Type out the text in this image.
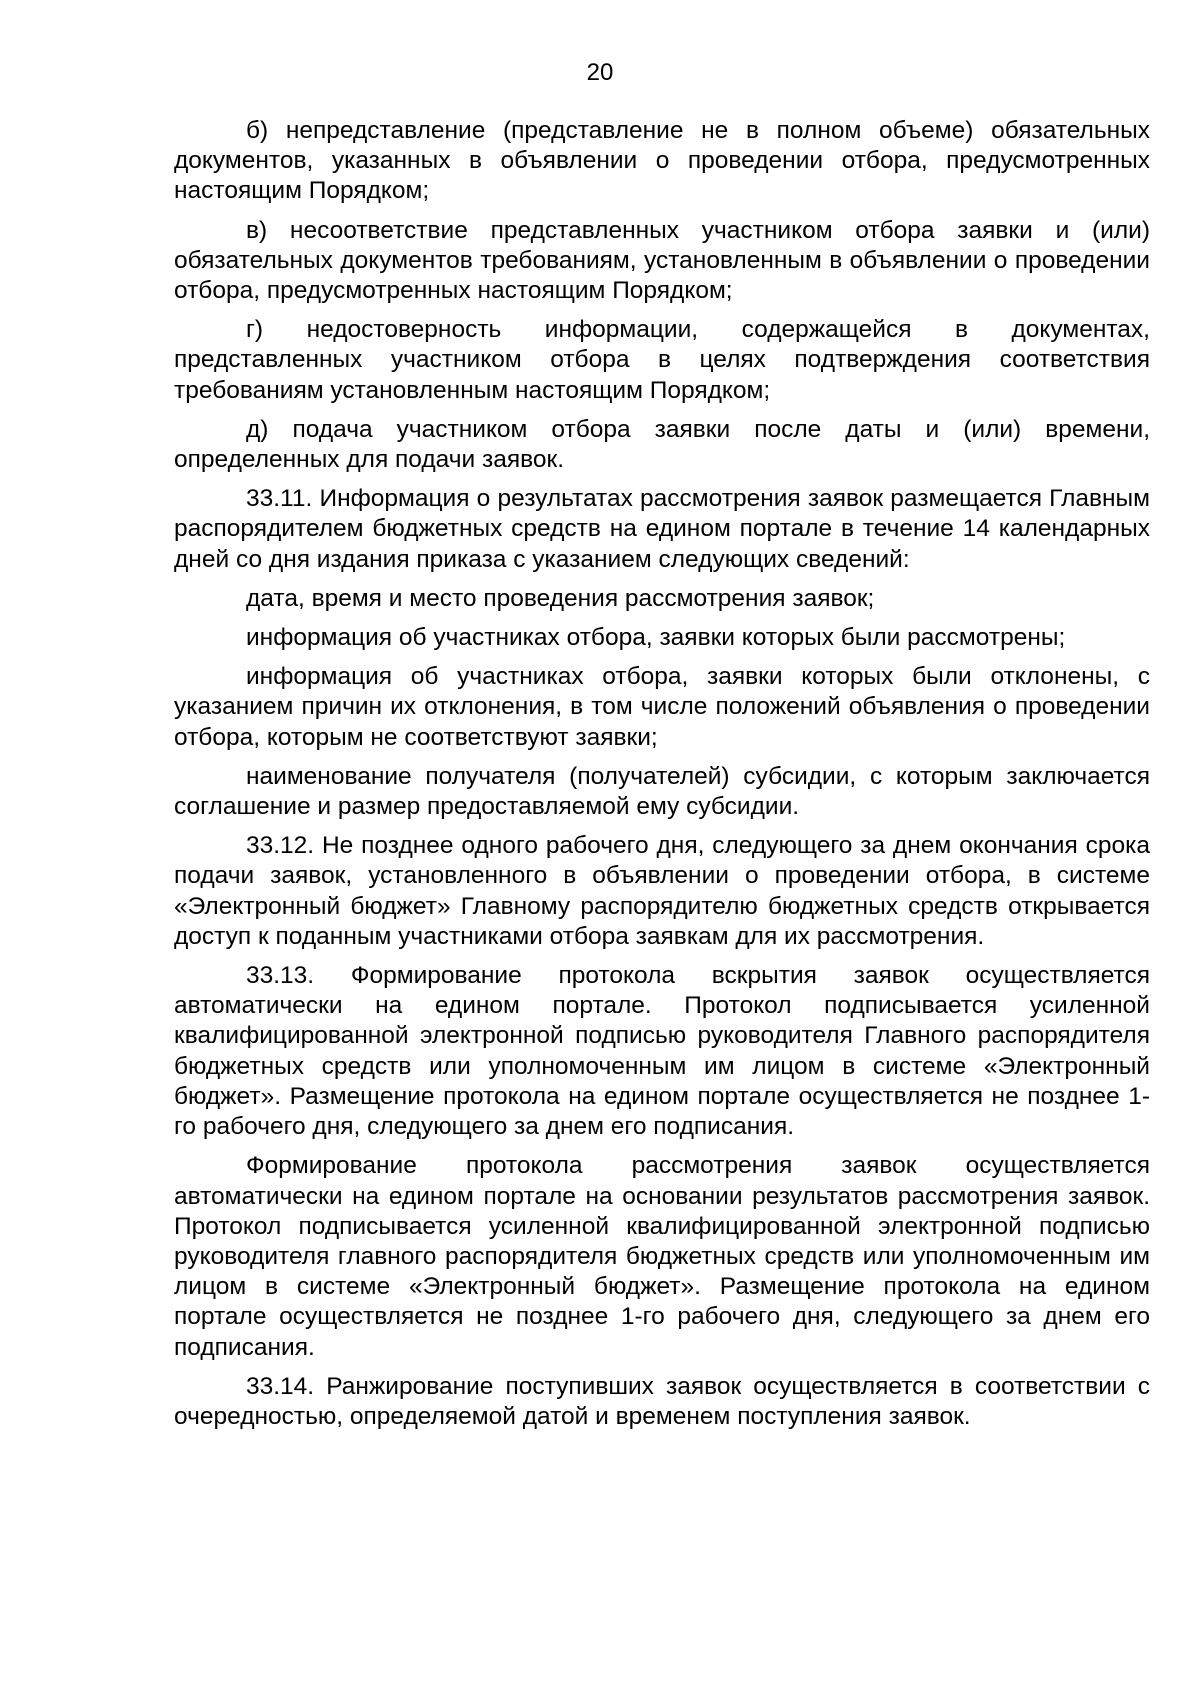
20

б) непредставление (представление не в полном объеме) обязательных документов, указанных в объявлении о проведении отбора, предусмотренных настоящим Порядком;

в) несоответствие представленных участником отбора заявки и (или) обязательных документов требованиям, установленным в объявлении о проведении отбора, предусмотренных настоящим Порядком;

г) недостоверность информации, содержащейся в документах, представленных участником отбора в целях подтверждения соответствия требованиям установленным настоящим Порядком;

д) подача участником отбора заявки после даты и (или) времени, определенных для подачи заявок.

33.11. Информация о результатах рассмотрения заявок размещается Главным распорядителем бюджетных средств на едином портале в течение 14 календарных дней со дня издания приказа с указанием следующих сведений:

дата, время и место проведения рассмотрения заявок;

информация об участниках отбора, заявки которых были рассмотрены;

информация об участниках отбора, заявки которых были отклонены, с указанием причин их отклонения, в том числе положений объявления о проведении отбора, которым не соответствуют заявки;

наименование получателя (получателей) субсидии, с которым заключается соглашение и размер предоставляемой ему субсидии.

33.12. Не позднее одного рабочего дня, следующего за днем окончания срока подачи заявок, установленного в объявлении о проведении отбора, в системе «Электронный бюджет» Главному распорядителю бюджетных средств открывается доступ к поданным участниками отбора заявкам для их рассмотрения.

33.13. Формирование протокола вскрытия заявок осуществляется автоматически на едином портале. Протокол подписывается усиленной квалифицированной электронной подписью руководителя Главного распорядителя бюджетных средств или уполномоченным им лицом в системе «Электронный бюджет». Размещение протокола на едином портале осуществляется не позднее 1-го рабочего дня, следующего за днем его подписания.

Формирование протокола рассмотрения заявок осуществляется автоматически на едином портале на основании результатов рассмотрения заявок. Протокол подписывается усиленной квалифицированной электронной подписью руководителя главного распорядителя бюджетных средств или уполномоченным им лицом в системе «Электронный бюджет». Размещение протокола на едином портале осуществляется не позднее 1-го рабочего дня, следующего за днем его подписания.

33.14. Ранжирование поступивших заявок осуществляется в соответствии с очередностью, определяемой датой и временем поступления заявок.
